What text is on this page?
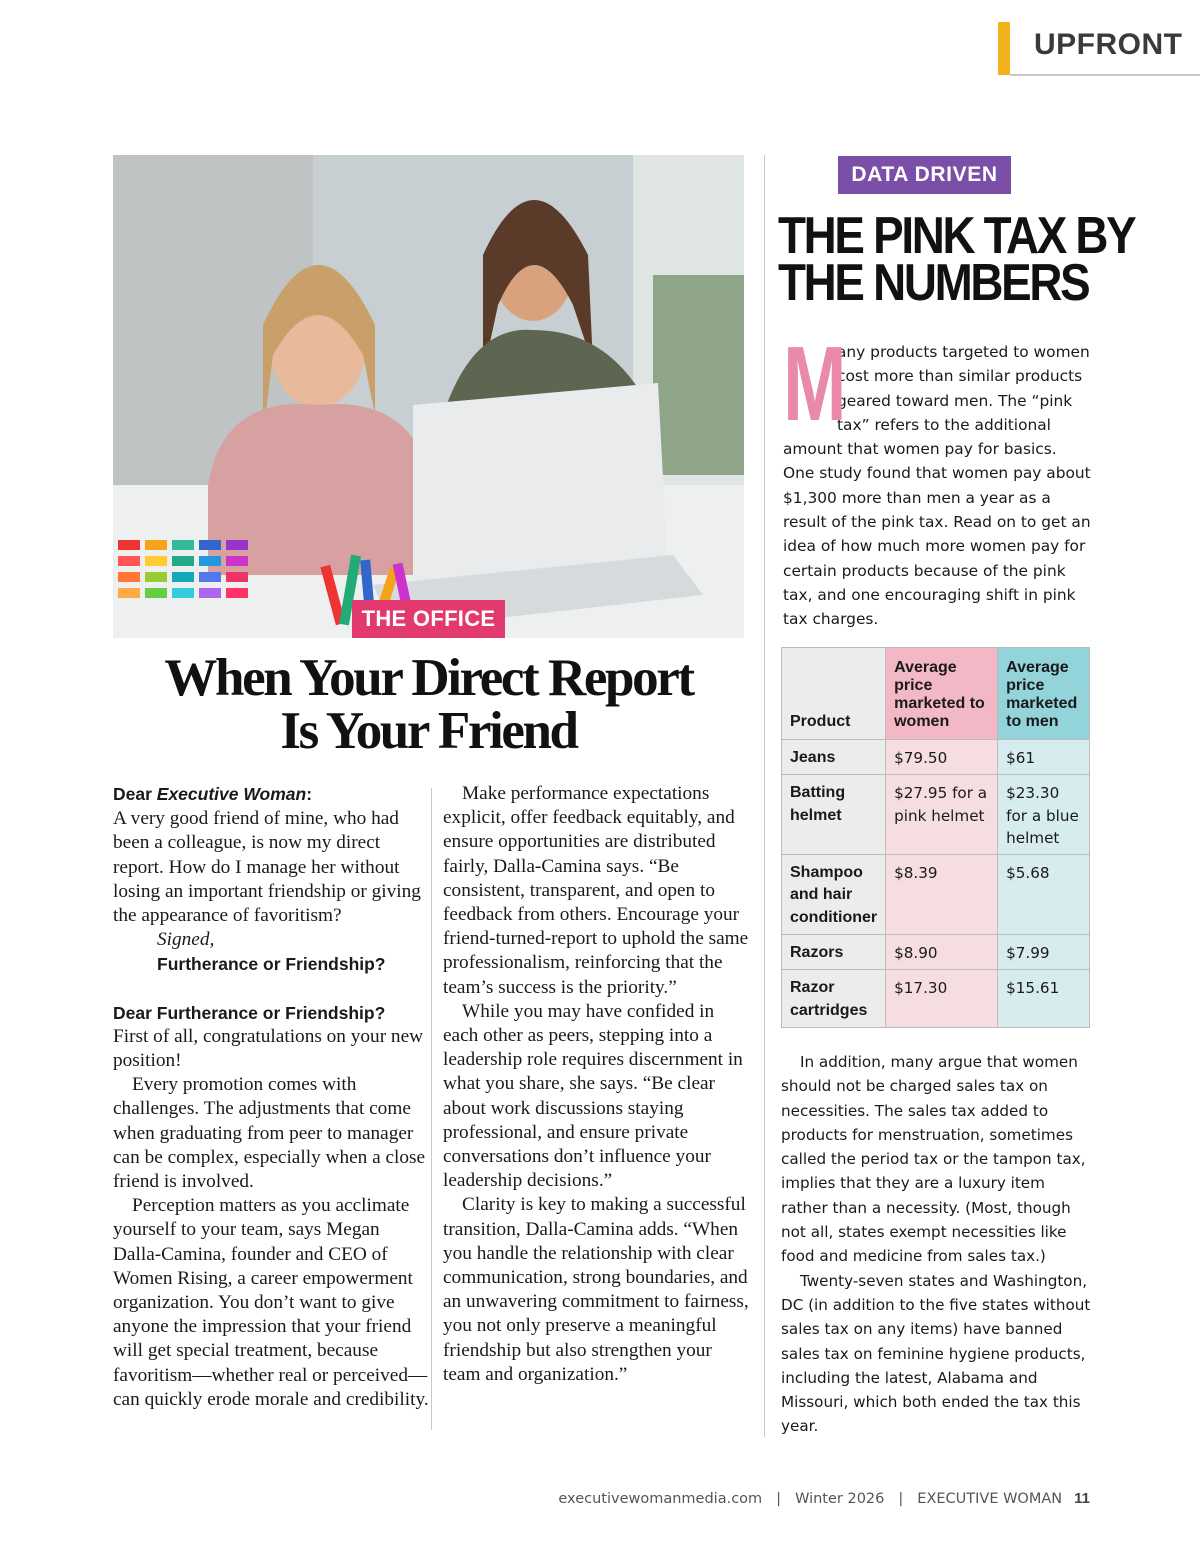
UPFRONT
THE OFFICE
When Your Direct Report
Is Your Friend

Dear Executive Woman:

A very good friend of mine, who had been a colleague, is now my direct report. How do I manage her without losing an important friendship or giving the appearance of favoritism?

Signed,

Furtherance or Friendship?

Dear Furtherance or Friendship?

First of all, congratulations on your new position!

Every promotion comes with challenges. The adjustments that come when graduating from peer to manager can be complex, especially when a close friend is involved.

Perception matters as you acclimate yourself to your team, says Megan Dalla-Camina, founder and CEO of Women Rising, a career empowerment organization. You don’t want to give anyone the impression that your friend will get special treatment, because favoritism—whether real or perceived—can quickly erode morale and credibility.

Make performance expectations explicit, offer feedback equitably, and ensure opportunities are distributed fairly, Dalla-Camina says. “Be consistent, transparent, and open to feedback from others. Encourage your friend-turned-report to uphold the same professionalism, reinforcing that the team’s success is the priority.”

While you may have confided in each other as peers, stepping into a leadership role requires discernment in what you share, she says. “Be clear about work discussions staying professional, and ensure private conversations don’t influence your leadership decisions.”

Clarity is key to making a successful transition, Dalla-Camina adds. “When you handle the relationship with clear communication, strong boundaries, and an unwavering commitment to fairness, you not only preserve a meaningful friendship but also strengthen your team and organization.”

DATA DRIVEN
THE PINK TAX BY
THE NUMBERS
M
any products targeted to women cost more than similar products geared toward men. The “pink tax” refers to the additional amount that women pay for basics. One study found that women pay about $1,300 more than men a year as a result of the pink tax. Read on to get an idea of how much more women pay for certain products because of the pink tax, and one encouraging shift in pink tax charges.
Product	Average price marketed to women	Average price marketed to men
Jeans	$79.50	$61
Batting helmet	$27.95 for a pink helmet	$23.30 for a blue helmet
Shampoo and hair conditioner	$8.39	$5.68
Razors	$8.90	$7.99
Razor cartridges	$17.30	$15.61

In addition, many argue that women should not be charged sales tax on necessities. The sales tax added to products for menstruation, sometimes called the period tax or the tampon tax, implies that they are a luxury item rather than a necessity. (Most, though not all, states exempt necessities like food and medicine from sales tax.)

Twenty-seven states and Washington, DC (in addition to the five states without sales tax on any items) have banned sales tax on feminine hygiene products, including the latest, Alabama and Missouri, which both ended the tax this year.

executivewomanmedia.com | Winter 2026 | EXECUTIVE WOMAN 11
